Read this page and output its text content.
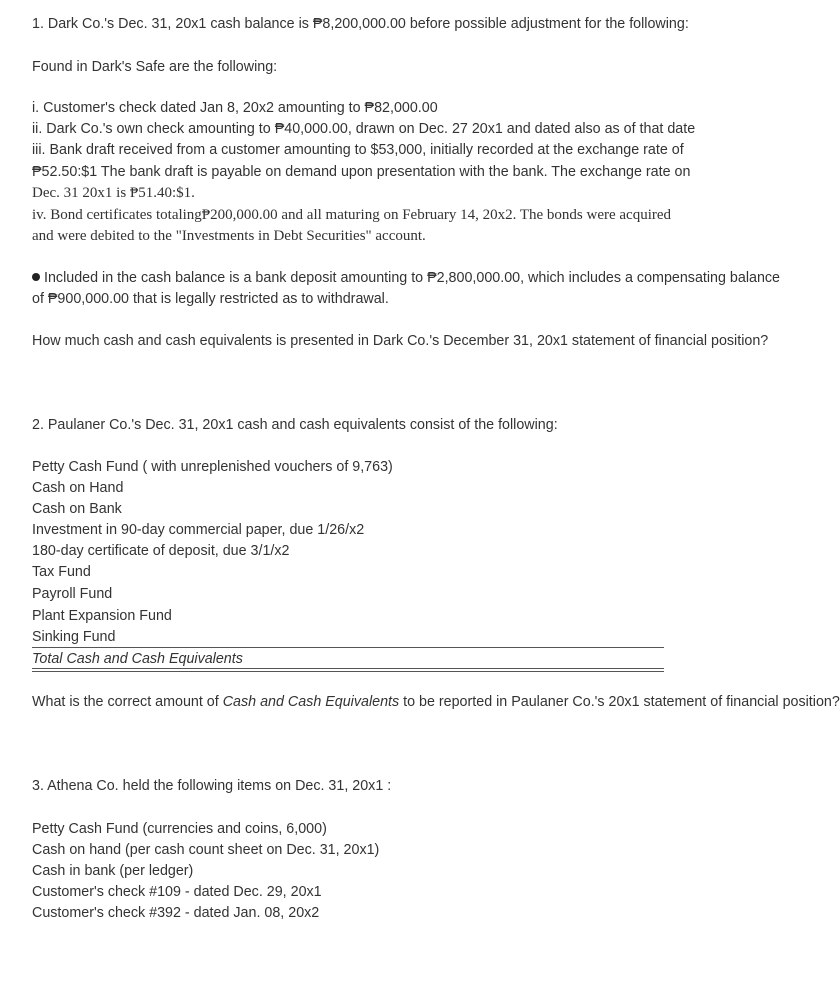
1. Dark Co.'s Dec. 31, 20x1 cash balance is ₱8,200,000.00 before possible adjustment for the following:
Found in Dark's Safe are the following:
i. Customer's check dated Jan 8, 20x2 amounting to ₱82,000.00
ii. Dark Co.'s own check amounting to ₱40,000.00, drawn on Dec. 27 20x1 and dated also as of that date
iii. Bank draft received from a customer amounting to $53,000, initially recorded at the exchange rate of
₱52.50:$1 The bank draft is payable on demand upon presentation with the bank. The exchange rate on
Dec. 31 20x1 is ₱51.40:$1.
iv. Bond certificates totaling₱200,000.00 and all maturing on February 14, 20x2. The bonds were acquired
and were debited to the "Investments in Debt Securities" account.
Included in the cash balance is a bank deposit amounting to ₱2,800,000.00, which includes a compensating balance
of ₱900,000.00 that is legally restricted as to withdrawal.
How much cash and cash equivalents is presented in Dark Co.'s December 31, 20x1 statement of financial position?
2. Paulaner Co.'s Dec. 31, 20x1 cash and cash equivalents consist of the following:
Petty Cash Fund ( with unreplenished vouchers of 9,763)
Cash on Hand
Cash on Bank
Investment in 90-day commercial paper, due 1/26/x2
180-day certificate of deposit, due 3/1/x2
Tax Fund
Payroll Fund
Plant Expansion Fund
Sinking Fund
Total Cash and Cash Equivalents
What is the correct amount of Cash and Cash Equivalents to be reported in Paulaner Co.'s 20x1 statement of financial position?
3. Athena Co. held the following items on Dec. 31, 20x1 :
Petty Cash Fund (currencies and coins, 6,000)
Cash on hand (per cash count sheet on Dec. 31, 20x1)
Cash in bank (per ledger)
Customer's check #109 - dated Dec. 29, 20x1
Customer's check #392 - dated Jan. 08, 20x2
